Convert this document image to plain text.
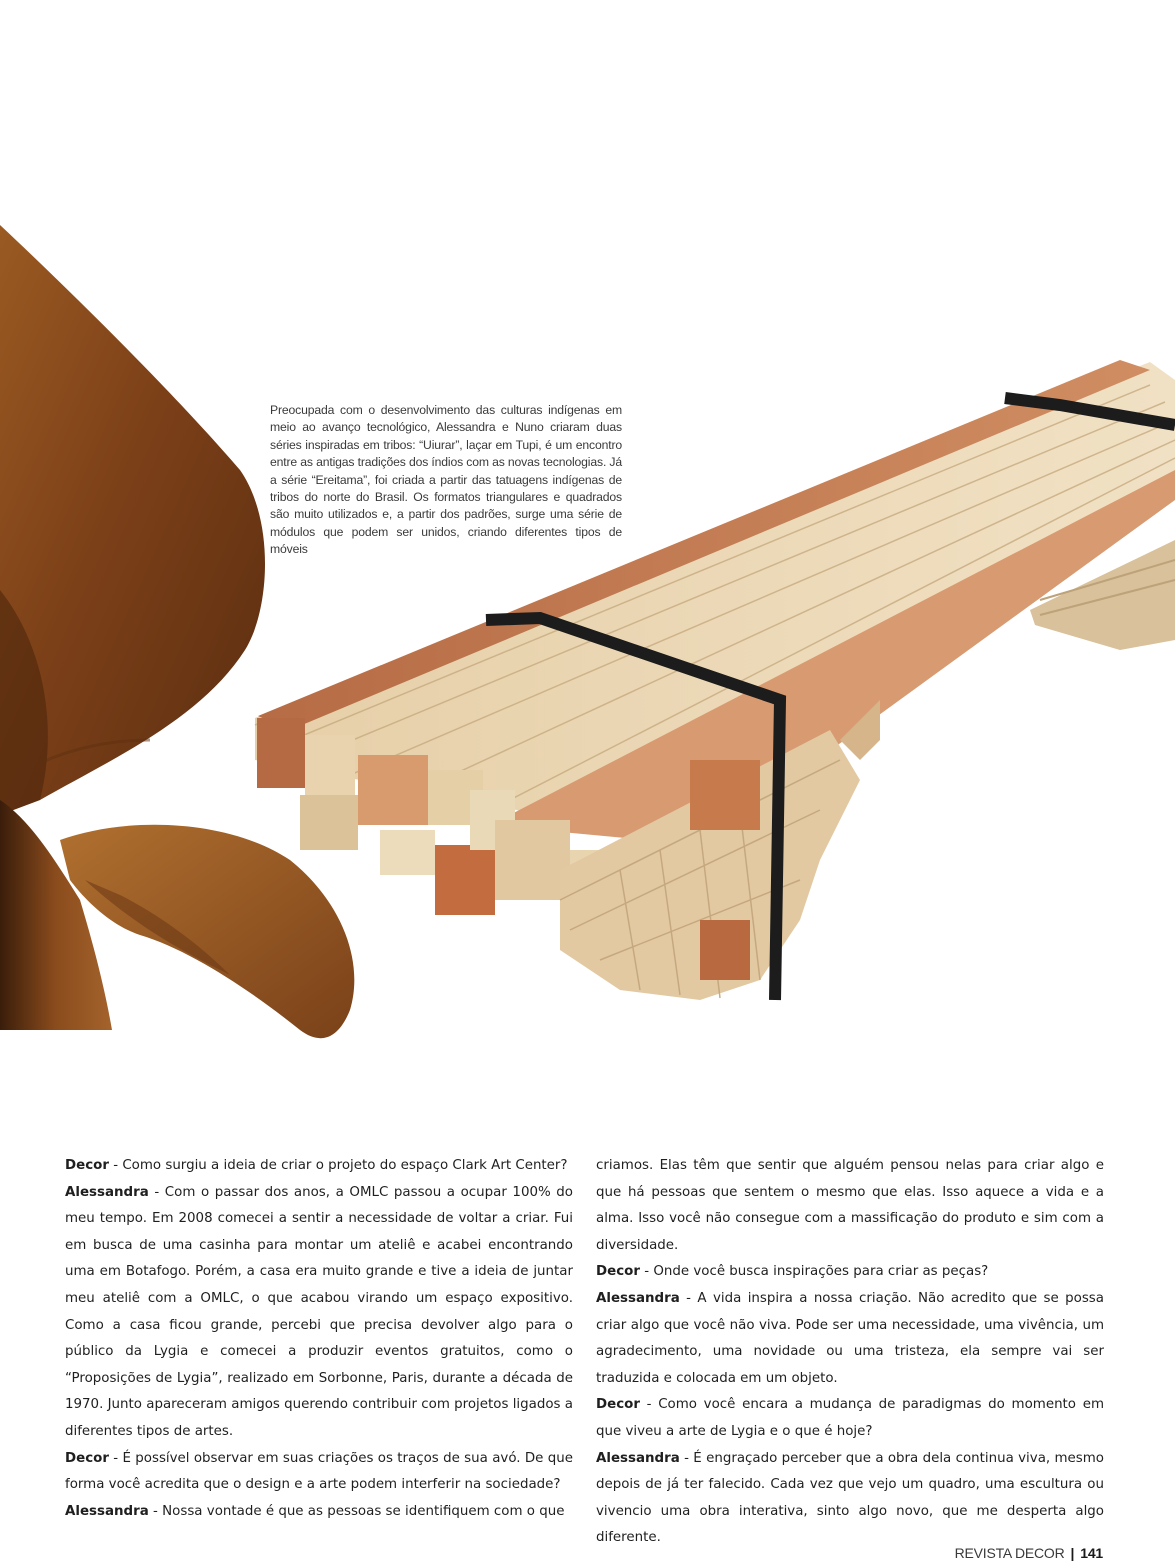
Preocupada com o desenvolvimento das culturas indígenas em meio ao avanço tecnológico, Alessandra e Nuno criaram duas séries inspiradas em tribos: “Uiurar”, laçar em Tupi, é um encontro entre as antigas tradições dos índios com as novas tecnologias. Já a série “Ereitama”, foi criada a partir das tatuagens indígenas de tribos do norte do Brasil. Os formatos triangulares e quadrados são muito utilizados e, a partir dos padrões, surge uma série de módulos que podem ser unidos, criando diferentes tipos de móveis

Decor - Como surgiu a ideia de criar o projeto do espaço Clark Art Center?

Alessandra - Com o passar dos anos, a OMLC passou a ocupar 100% do meu tempo. Em 2008 comecei a sentir a necessidade de voltar a criar. Fui em busca de uma casinha para montar um ateliê e acabei encontrando uma em Botafogo. Porém, a casa era muito grande e tive a ideia de juntar meu ateliê com a OMLC, o que acabou virando um espaço expositivo. Como a casa ficou grande, percebi que precisa devolver algo para o público da Lygia e comecei a produzir eventos gratuitos, como o “Proposições de Lygia”, realizado em Sorbonne, Paris, durante a década de 1970. Junto apareceram amigos querendo contribuir com projetos ligados a diferentes tipos de artes.

Decor - É possível observar em suas criações os traços de sua avó. De que forma você acredita que o design e a arte podem interferir na sociedade?

Alessandra - Nossa vontade é que as pessoas se identifiquem com o que

criamos. Elas têm que sentir que alguém pensou nelas para criar algo e que há pessoas que sentem o mesmo que elas. Isso aquece a vida e a alma. Isso você não consegue com a massificação do produto e sim com a diversidade.

Decor - Onde você busca inspirações para criar as peças?

Alessandra - A vida inspira a nossa criação. Não acredito que se possa criar algo que você não viva. Pode ser uma necessidade, uma vivência, um agradecimento, uma novidade ou uma tristeza, ela sempre vai ser traduzida e colocada em um objeto.

Decor - Como você encara a mudança de paradigmas do momento em que viveu a arte de Lygia e o que é hoje?

Alessandra - É engraçado perceber que a obra dela continua viva, mesmo depois de já ter falecido. Cada vez que vejo um quadro, uma escultura ou vivencio uma obra interativa, sinto algo novo, que me desperta algo diferente.

REVISTA DECOR | 141
